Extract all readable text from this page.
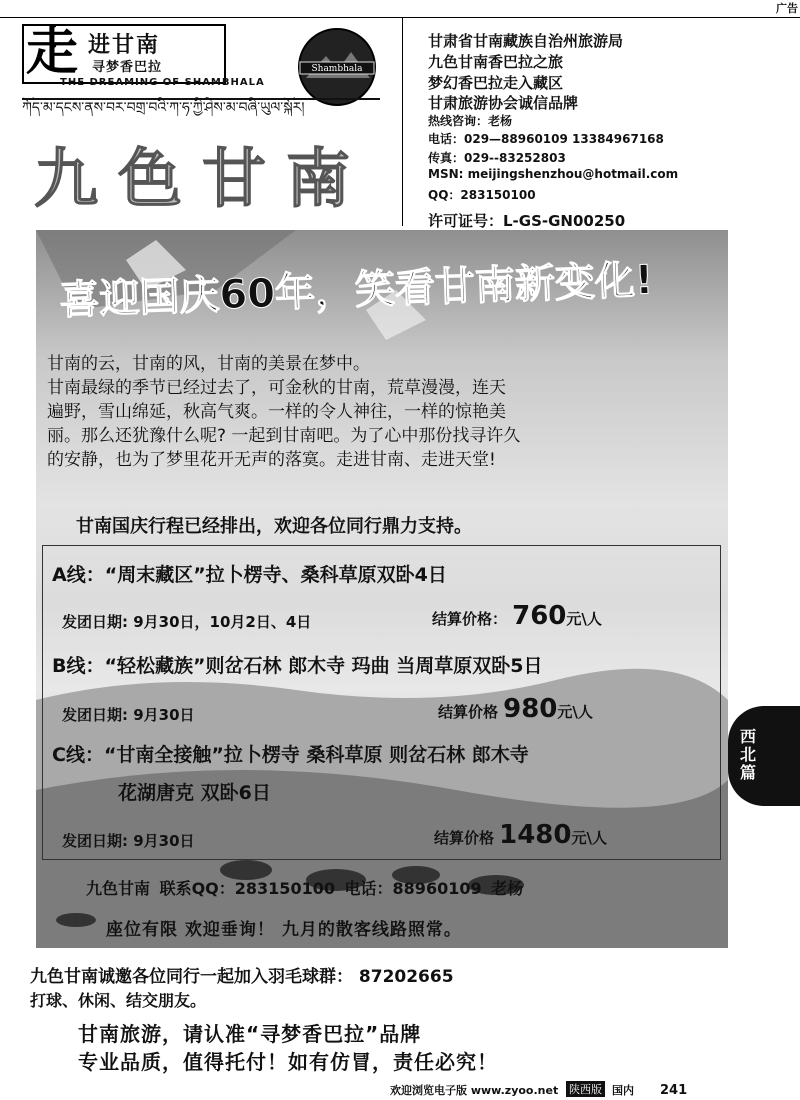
广告
走 进甘南
寻梦香巴拉
THE DREAMING OF SHAMBHALA
Shambhala
ཀོད་མ་དངས་ནས་བར་བགྲ་བའི་ཀ་ཧ་ཀྱི་ཤེས་མ་བཞི་ཡུལ་སྐོར།
九色甘南
甘肃省甘南藏族自治州旅游局
九色甘南香巴拉之旅
梦幻香巴拉走入藏区
甘肃旅游协会诚信品牌
热线咨询：老杨
电话：029—88960109 13384967168
传真：029--83252803
MSN: meijingshenzhou@hotmail.com
QQ：283150100
许可证号：L-GS-GN00250
喜迎国庆60年，笑看甘南新变化!
甘南的云，甘南的风，甘南的美景在梦中。
甘南最绿的季节已经过去了，可金秋的甘南，荒草漫漫，连天
遍野，雪山绵延，秋高气爽。一样的令人神往，一样的惊艳美
丽。那么还犹豫什么呢? 一起到甘南吧。为了心中那份找寻许久
的安静，也为了梦里花开无声的落寞。走进甘南、走进天堂!
甘南国庆行程已经排出，欢迎各位同行鼎力支持。
A线：“周末藏区”拉卜楞寺、桑科草原双卧4日
发团日期: 9月30日，10月2日、4日	结算价格： 760元\人
B线：“轻松藏族”则岔石林 郎木寺 玛曲 当周草原双卧5日
发团日期: 9月30日	结算价格 980元\人
C线：“甘南全接触”拉卜楞寺 桑科草原 则岔石林 郎木寺
花湖唐克 双卧6日
发团日期: 9月30日	结算价格 1480元\人
九色甘南 联系QQ：283150100 电话：88960109 老杨
座位有限 欢迎垂询！ 九月的散客线路照常。
西北篇
九色甘南诚邀各位同行一起加入羽毛球群： 87202665
打球、休闲、结交朋友。
甘南旅游，请认准“寻梦香巴拉”品牌
专业品质，值得托付！如有仿冒，责任必究！
欢迎浏览电子版 www.zyoo.net 陕西版 国内 241
